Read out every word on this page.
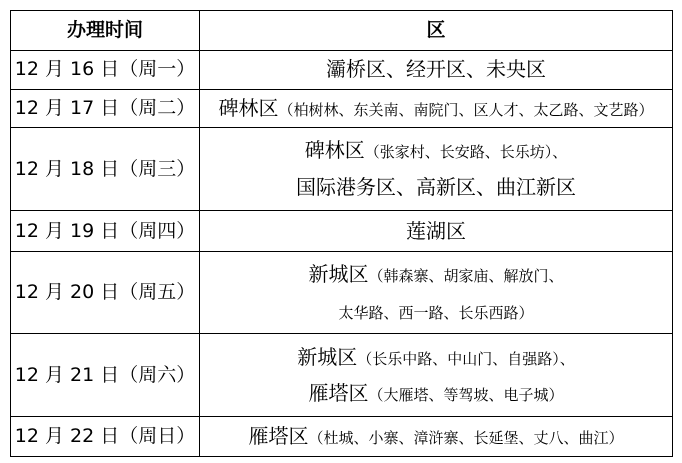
办理时间	区
12 月 16 日（周一）	灞桥区、经开区、未央区

12 月 17 日（周二）	碑林区（柏树林、东关南、南院门、区人才、太乙路、文艺路）

12 月 18 日（周三）	碑林区（张家村、长安路、长乐坊）、
国际港务区、高新区、曲江新区

12 月 19 日（周四）	莲湖区

12 月 20 日（周五）	新城区（韩森寨、胡家庙、解放门、
太华路、西一路、长乐西路）

12 月 21 日（周六）	新城区（长乐中路、中山门、自强路）、
雁塔区（大雁塔、等驾坡、电子城）

12 月 22 日（周日）	雁塔区（杜城、小寨、漳浒寨、长延堡、丈八、曲江）
